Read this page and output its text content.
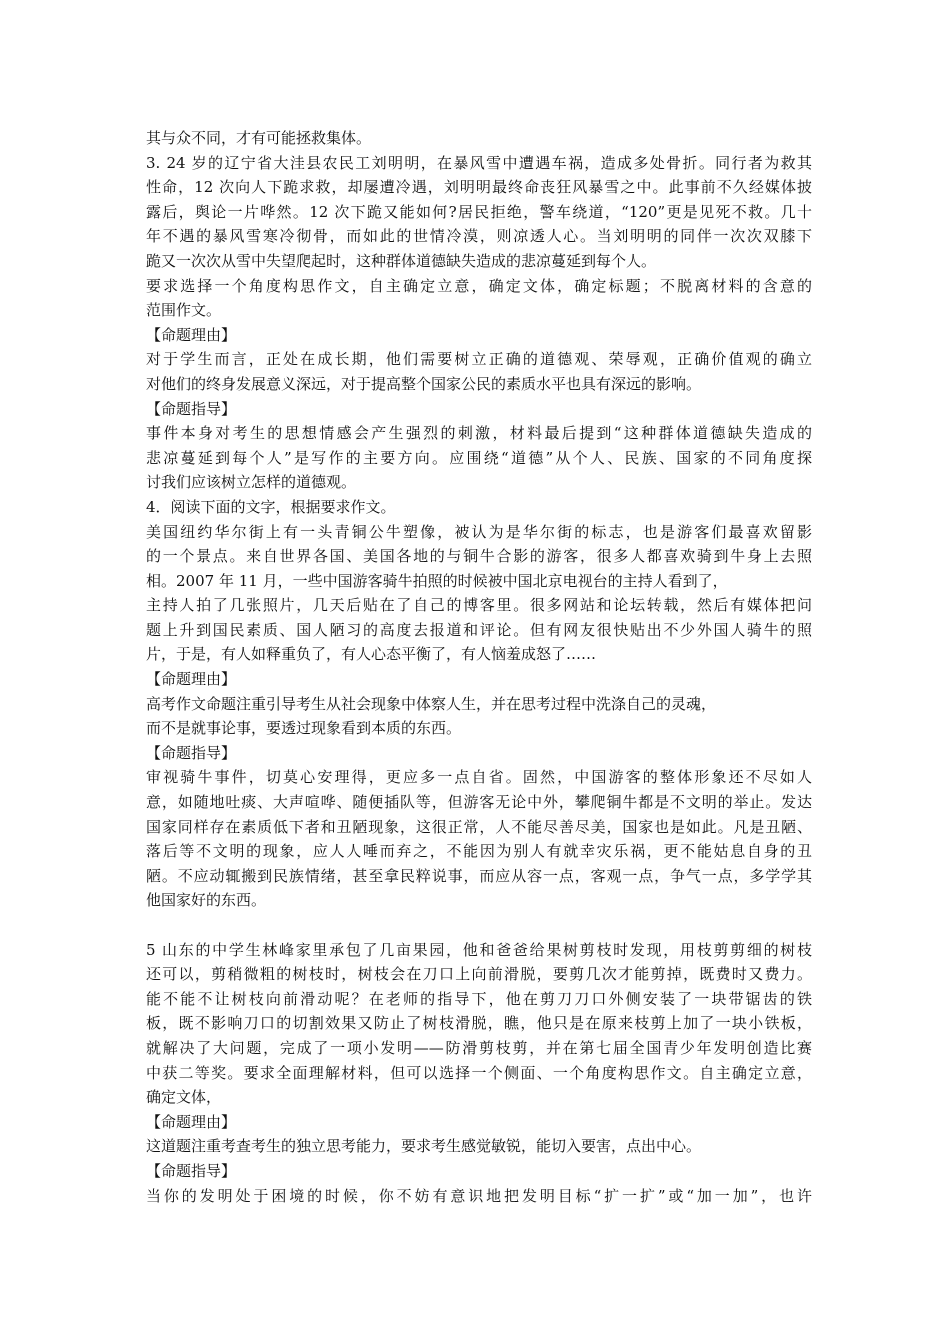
其与众不同，才有可能拯救集体。
3. 24 岁的辽宁省大洼县农民工刘明明，在暴风雪中遭遇车祸，造成多处骨折。同行者为救其
性命，12 次向人下跪求救，却屡遭冷遇，刘明明最终命丧狂风暴雪之中。此事前不久经媒体披
露后，舆论一片哗然。12 次下跪又能如何?居民拒绝，警车绕道，“120”更是见死不救。几十
年不遇的暴风雪寒冷彻骨，而如此的世情冷漠，则凉透人心。当刘明明的同伴一次次双膝下
跪又一次次从雪中失望爬起时，这种群体道德缺失造成的悲凉蔓延到每个人。
要求选择一个角度构思作文，自主确定立意，确定文体，确定标题；不脱离材料的含意的
范围作文。
【命题理由】
对于学生而言，正处在成长期，他们需要树立正确的道德观、荣辱观，正确价值观的确立
对他们的终身发展意义深远，对于提高整个国家公民的素质水平也具有深远的影响。
【命题指导】
事件本身对考生的思想情感会产生强烈的刺激，材料最后提到“这种群体道德缺失造成的
悲凉蔓延到每个人”是写作的主要方向。应围绕“道德”从个人、民族、国家的不同角度探
讨我们应该树立怎样的道德观。
4．阅读下面的文字，根据要求作文。
美国纽约华尔街上有一头青铜公牛塑像，被认为是华尔街的标志，也是游客们最喜欢留影
的一个景点。来自世界各国、美国各地的与铜牛合影的游客，很多人都喜欢骑到牛身上去照
相。2007 年 11 月，一些中国游客骑牛拍照的时候被中国北京电视台的主持人看到了，
主持人拍了几张照片，几天后贴在了自己的博客里。很多网站和论坛转载，然后有媒体把问
题上升到国民素质、国人陋习的高度去报道和评论。但有网友很快贴出不少外国人骑牛的照
片，于是，有人如释重负了，有人心态平衡了，有人恼羞成怒了……
【命题理由】
高考作文命题注重引导考生从社会现象中体察人生，并在思考过程中洗涤自己的灵魂，
而不是就事论事，要透过现象看到本质的东西。
【命题指导】
审视骑牛事件，切莫心安理得，更应多一点自省。固然，中国游客的整体形象还不尽如人
意，如随地吐痰、大声喧哗、随便插队等，但游客无论中外，攀爬铜牛都是不文明的举止。发达
国家同样存在素质低下者和丑陋现象，这很正常，人不能尽善尽美，国家也是如此。凡是丑陋、
落后等不文明的现象，应人人唾而弃之，不能因为别人有就幸灾乐祸，更不能姑息自身的丑
陋。不应动辄搬到民族情绪，甚至拿民粹说事，而应从容一点，客观一点，争气一点，多学学其
他国家好的东西。
5 山东的中学生林峰家里承包了几亩果园，他和爸爸给果树剪枝时发现，用枝剪剪细的树枝
还可以，剪稍微粗的树枝时，树枝会在刀口上向前滑脱，要剪几次才能剪掉，既费时又费力。
能不能不让树枝向前滑动呢？在老师的指导下，他在剪刀刀口外侧安装了一块带锯齿的铁
板，既不影响刀口的切割效果又防止了树枝滑脱，瞧，他只是在原来枝剪上加了一块小铁板，
就解决了大问题，完成了一项小发明——防滑剪枝剪，并在第七届全国青少年发明创造比赛
中获二等奖。要求全面理解材料，但可以选择一个侧面、一个角度构思作文。自主确定立意，
确定文体，
【命题理由】
这道题注重考查考生的独立思考能力，要求考生感觉敏锐，能切入要害，点出中心。
【命题指导】
当你的发明处于困境的时候，你不妨有意识地把发明目标“扩一扩”或“加一加”，也许
